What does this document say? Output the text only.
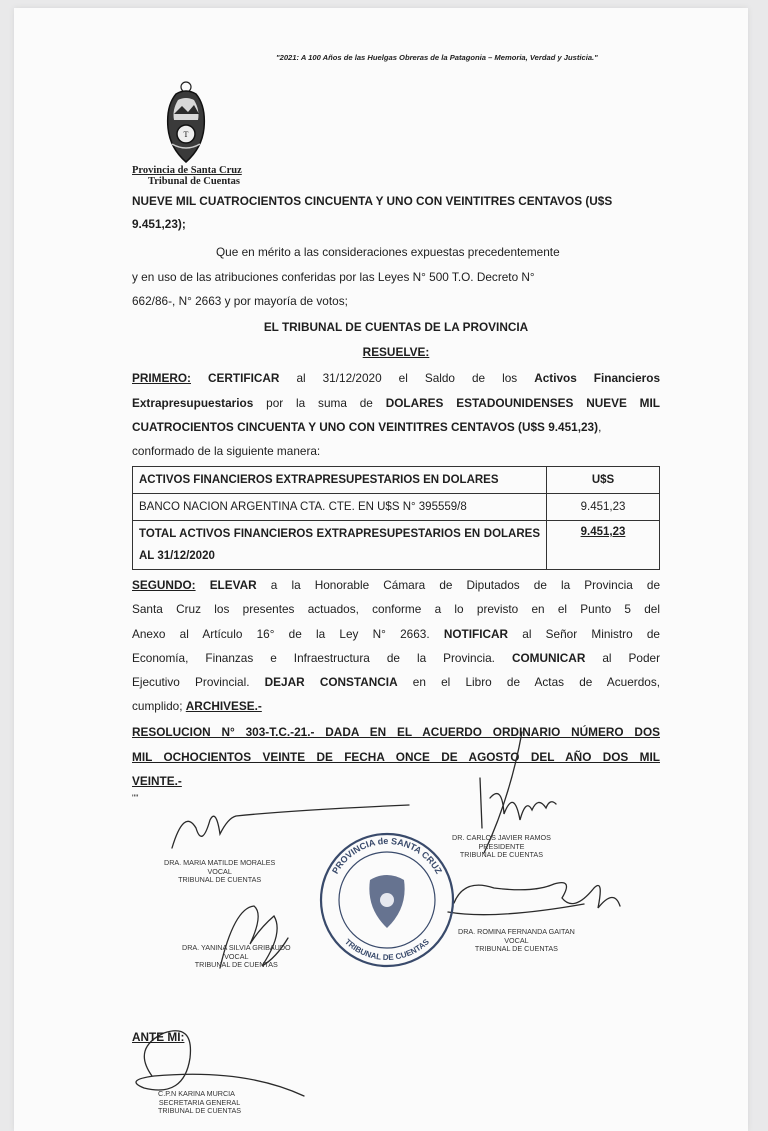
"2021: A 100 Años de las Huelgas Obreras de la Patagonia – Memoria, Verdad y Justicia."
T
Provincia de Santa Cruz
Tribunal de Cuentas
NUEVE MIL CUATROCIENTOS CINCUENTA Y UNO CON VEINTITRES CENTAVOS (U$S
9.451,23);
Que en mérito a las consideraciones expuestas precedentemente
y en uso de las atribuciones conferidas por las Leyes N° 500 T.O. Decreto N°
662/86-, N° 2663 y por mayoría de votos;
EL TRIBUNAL DE CUENTAS DE LA PROVINCIA
RESUELVE:
PRIMERO: CERTIFICAR al 31/12/2020 el Saldo de los Activos Financieros
Extrapresupuestarios por la suma de DOLARES ESTADOUNIDENSES NUEVE MIL
CUATROCIENTOS CINCUENTA Y UNO CON VEINTITRES CENTAVOS (U$S 9.451,23),
conformado de la siguiente manera:
ACTIVOS FINANCIEROS EXTRAPRESUPESTARIOS EN DOLARES	U$S
BANCO NACION ARGENTINA CTA. CTE. EN U$S N° 395559/8	9.451,23
TOTAL ACTIVOS FINANCIEROS EXTRAPRESUPESTARIOS EN DOLARES AL 31/12/2020	9.451,23
SEGUNDO: ELEVAR a la Honorable Cámara de Diputados de la Provincia de
Santa Cruz los presentes actuados, conforme a lo previsto en el Punto 5 del
Anexo al Artículo 16° de la Ley N° 2663. NOTIFICAR al Señor Ministro de
Economía, Finanzas e Infraestructura de la Provincia. COMUNICAR al Poder
Ejecutivo Provincial. DEJAR CONSTANCIA en el Libro de Actas de Acuerdos,
cumplido; ARCHIVESE.-
RESOLUCION N° 303-T.C.-21.- DADA EN EL ACUERDO ORDINARIO NÚMERO DOS
MIL OCHOCIENTOS VEINTE DE FECHA ONCE DE AGOSTO DEL AÑO DOS MIL
VEINTE.-
""
PROVINCIA de SANTA CRUZ
TRIBUNAL DE CUENTAS
DRA. MARIA MATILDE MORALES
VOCAL
TRIBUNAL DE CUENTAS
DR. CARLOS JAVIER RAMOS
PRESIDENTE
TRIBUNAL DE CUENTAS
DRA. ROMINA FERNANDA GAITAN
VOCAL
TRIBUNAL DE CUENTAS
DRA. YANINA SILVIA GRIBAUDO
VOCAL
TRIBUNAL DE CUENTAS
ANTE MI:
C.P.N KARINA MURCIA
SECRETARIA GENERAL
TRIBUNAL DE CUENTAS
